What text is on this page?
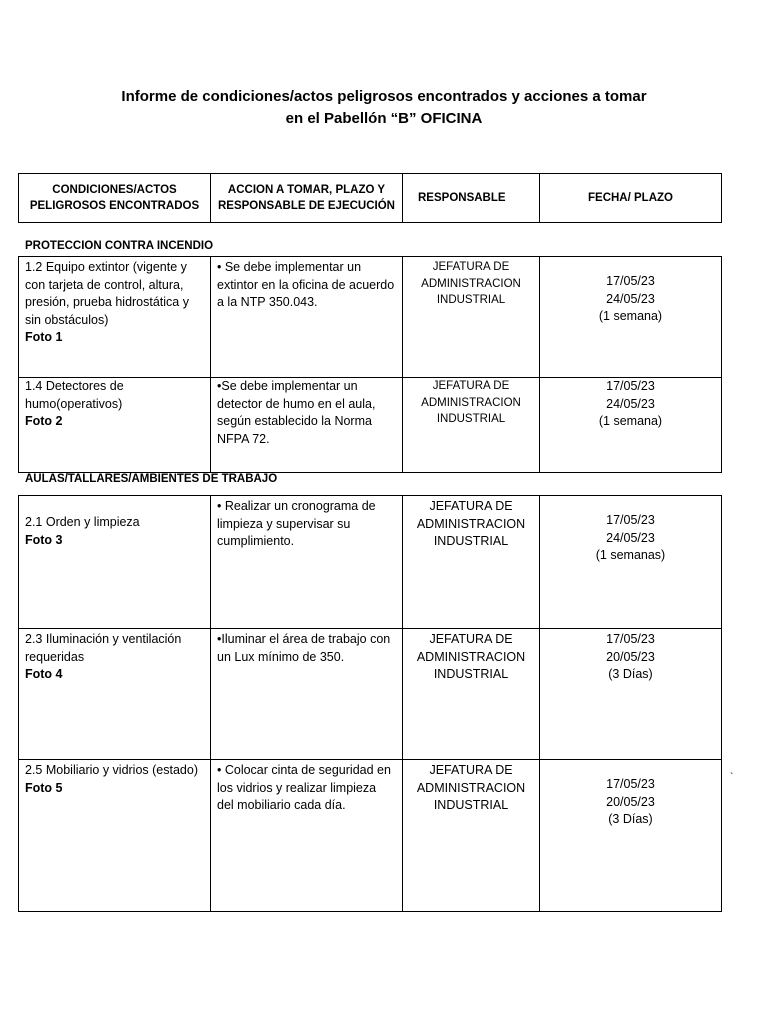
Informe de condiciones/actos peligrosos encontrados y acciones a tomar
en el Pabellón “B” OFICINA
CONDICIONES/ACTOS
PELIGROSOS ENCONTRADOS
ACCION A TOMAR, PLAZO Y
RESPONSABLE DE EJECUCIÓN
RESPONSABLE	FECHA/ PLAZO
PROTECCION CONTRA INCENDIO
1.2 Equipo extintor (vigente y con tarjeta de control, altura, presión, prueba hidrostática y sin obstáculos)
Foto 1
• Se debe implementar un extintor en la oficina de acuerdo a la NTP 350.043.
JEFATURA DE
ADMINISTRACION
INDUSTRIAL
17/05/23
24/05/23
(1 semana)
1.4 Detectores de humo(operativos)
Foto 2
•Se debe implementar un detector de humo en el aula, según establecido la Norma NFPA 72.
JEFATURA DE
ADMINISTRACION
INDUSTRIAL
17/05/23
24/05/23
(1 semana)
AULAS/TALLARES/AMBIENTES DE TRABAJO
2.1 Orden y limpieza
Foto 3
• Realizar un cronograma de limpieza y supervisar su cumplimiento.
JEFATURA DE
ADMINISTRACION
INDUSTRIAL
17/05/23
24/05/23
(1 semanas)
2.3 Iluminación y ventilación requeridas
Foto 4
•Iluminar el área de trabajo con un Lux mínimo de 350.
JEFATURA DE
ADMINISTRACION
INDUSTRIAL
17/05/23
20/05/23
(3 Días)
2.5 Mobiliario y vidrios (estado)
Foto 5
• Colocar cinta de seguridad en los vidrios y realizar limpieza del mobiliario cada día.
JEFATURA DE
ADMINISTRACION
INDUSTRIAL
17/05/23
20/05/23
(3 Días)
`
